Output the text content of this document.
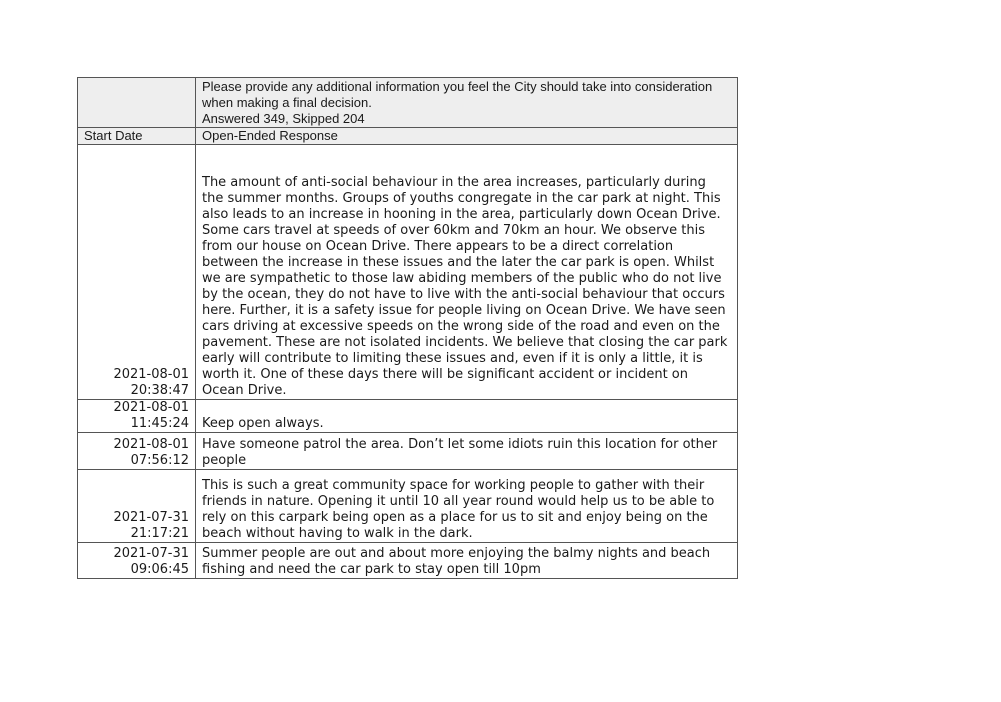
	Please provide any additional information you feel the City should take into consideration when making a final decision.
Answered 349, Skipped 204
Start Date	Open-Ended Response

2021-08-01
20:38:47	The amount of anti-social behaviour in the area increases, particularly during the summer months. Groups of youths congregate in the car park at night. This also leads to an increase in hooning in the area, particularly down Ocean Drive. Some cars travel at speeds of over 60km and 70km an hour. We observe this from our house on Ocean Drive. There appears to be a direct correlation between the increase in these issues and the later the car park is open. Whilst we are sympathetic to those law abiding members of the public who do not live by the ocean, they do not have to live with the anti-social behaviour that occurs here. Further, it is a safety issue for people living on Ocean Drive. We have seen cars driving at excessive speeds on the wrong side of the road and even on the pavement. These are not isolated incidents. We believe that closing the car park early will contribute to limiting these issues and, even if it is only a little, it is worth it. One of these days there will be significant accident or incident on Ocean Drive.

2021-08-01
11:45:24	Keep open always.

2021-08-01
07:56:12	Have someone patrol the area. Don’t let some idiots ruin this location for other people

2021-07-31
21:17:21	This is such a great community space for working people to gather with their friends in nature. Opening it until 10 all year round would help us to be able to rely on this carpark being open as a place for us to sit and enjoy being on the beach without having to walk in the dark.

2021-07-31
09:06:45	Summer people are out and about more enjoying the balmy nights and beach fishing and need the car park to stay open till 10pm
